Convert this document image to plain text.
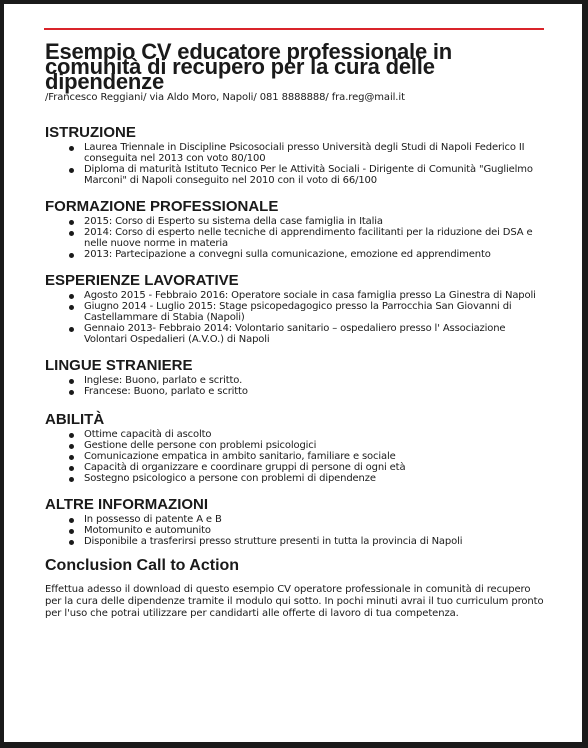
Esempio CV educatore professionale in comunità di recupero per la cura delle dipendenze
/Francesco Reggiani/ via Aldo Moro, Napoli/ 081 8888888/ fra.reg@mail.it
ISTRUZIONE
Laurea Triennale in Discipline Psicosociali presso Università degli Studi di Napoli Federico II conseguita nel 2013 con voto 80/100
Diploma di maturità Istituto Tecnico Per le Attività Sociali - Dirigente di Comunità "Guglielmo Marconi" di Napoli conseguito nel 2010 con il voto di 66/100
FORMAZIONE PROFESSIONALE
2015: Corso di Esperto su sistema della case famiglia in Italia
2014: Corso di esperto nelle tecniche di apprendimento facilitanti per la riduzione dei DSA e nelle nuove norme in materia
2013: Partecipazione a convegni sulla comunicazione, emozione ed apprendimento
ESPERIENZE LAVORATIVE
Agosto 2015 - Febbraio 2016: Operatore sociale in casa famiglia presso La Ginestra di Napoli
Giugno 2014 - Luglio 2015: Stage psicopedagogico presso la Parrocchia San Giovanni di Castellammare di Stabia (Napoli)
Gennaio 2013- Febbraio 2014: Volontario sanitario – ospedaliero presso l' Associazione Volontari Ospedalieri (A.V.O.) di Napoli
LINGUE STRANIERE
Inglese: Buono, parlato e scritto.
Francese: Buono, parlato e scritto
ABILITÀ
Ottime capacità di ascolto
Gestione delle persone con problemi psicologici
Comunicazione empatica in ambito sanitario, familiare e sociale
Capacità di organizzare e coordinare gruppi di persone di ogni età
Sostegno psicologico a persone con problemi di dipendenze
ALTRE INFORMAZIONI
In possesso di patente A e B
Motomunito e automunito
Disponibile a trasferirsi presso strutture presenti in tutta la provincia di Napoli
Conclusion Call to Action

Effettua adesso il download di questo esempio CV operatore professionale in comunità di recupero per la cura delle dipendenze tramite il modulo qui sotto. In pochi minuti avrai il tuo curriculum pronto per l'uso che potrai utilizzare per candidarti alle offerte di lavoro di tua competenza.
